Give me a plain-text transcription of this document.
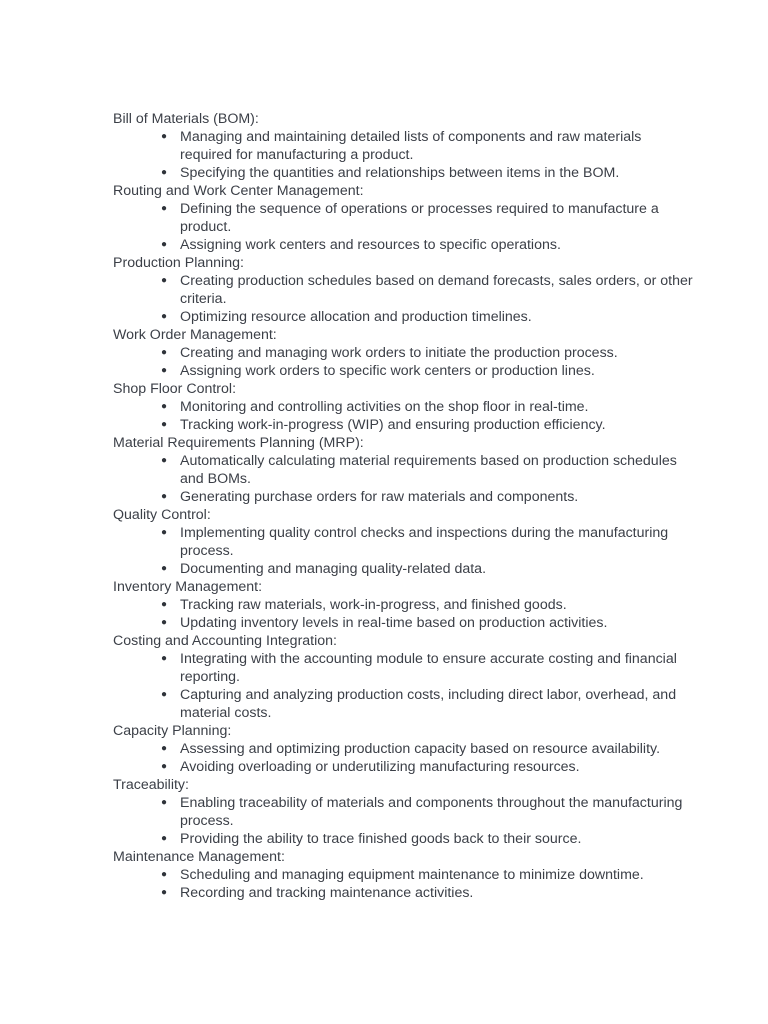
Bill of Materials (BOM):

● Managing and maintaining detailed lists of components and raw materials required for manufacturing a product.
● Specifying the quantities and relationships between items in the BOM.

Routing and Work Center Management:

● Defining the sequence of operations or processes required to manufacture a product.
● Assigning work centers and resources to specific operations.

Production Planning:

● Creating production schedules based on demand forecasts, sales orders, or other criteria.
● Optimizing resource allocation and production timelines.

Work Order Management:

● Creating and managing work orders to initiate the production process.
● Assigning work orders to specific work centers or production lines.

Shop Floor Control:

● Monitoring and controlling activities on the shop floor in real-time.
● Tracking work-in-progress (WIP) and ensuring production efficiency.

Material Requirements Planning (MRP):

● Automatically calculating material requirements based on production schedules and BOMs.
● Generating purchase orders for raw materials and components.

Quality Control:

● Implementing quality control checks and inspections during the manufacturing process.
● Documenting and managing quality-related data.

Inventory Management:

● Tracking raw materials, work-in-progress, and finished goods.
● Updating inventory levels in real-time based on production activities.

Costing and Accounting Integration:

● Integrating with the accounting module to ensure accurate costing and financial reporting.
● Capturing and analyzing production costs, including direct labor, overhead, and material costs.

Capacity Planning:

● Assessing and optimizing production capacity based on resource availability.
● Avoiding overloading or underutilizing manufacturing resources.

Traceability:

● Enabling traceability of materials and components throughout the manufacturing process.
● Providing the ability to trace finished goods back to their source.

Maintenance Management:

● Scheduling and managing equipment maintenance to minimize downtime.
● Recording and tracking maintenance activities.
